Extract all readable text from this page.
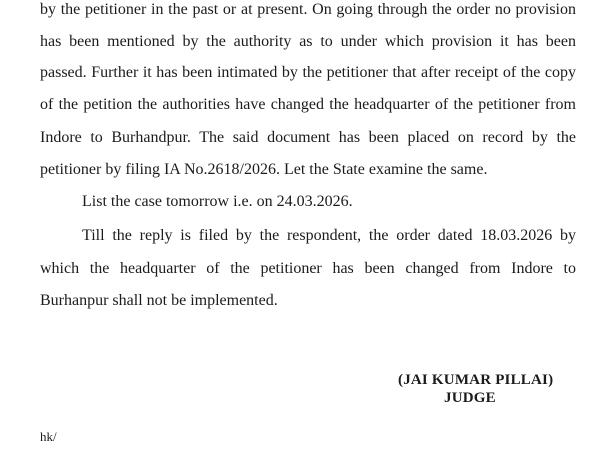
by the petitioner in the past or at present. On going through the order no provision
has been mentioned by the authority as to under which provision it has been
passed. Further it has been intimated by the petitioner that after receipt of the copy
of the petition the authorities have changed the headquarter of the petitioner from
Indore to Burhandpur. The said document has been placed on record by the
petitioner by filing IA No.2618/2026. Let the State examine the same.
List the case tomorrow i.e. on 24.03.2026.
Till the reply is filed by the respondent, the order dated 18.03.2026 by
which the headquarter of the petitioner has been changed from Indore to
Burhanpur shall not be implemented.
(JAI KUMAR PILLAI)
JUDGE
hk/
